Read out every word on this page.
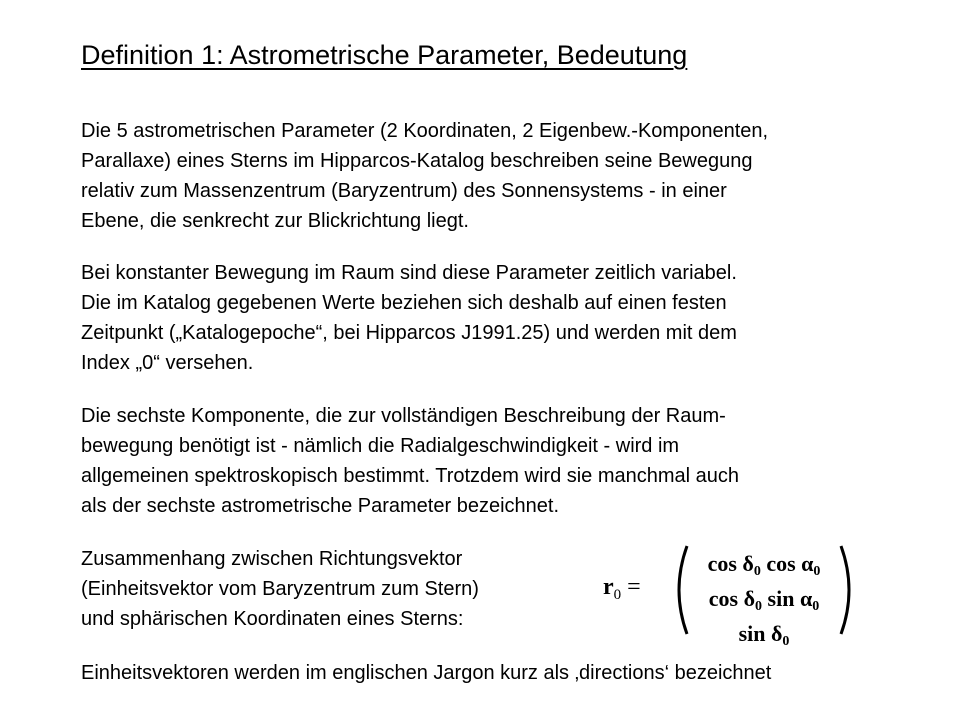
Definition 1: Astrometrische Parameter, Bedeutung
Die 5 astrometrischen Parameter (2 Koordinaten, 2 Eigenbew.-Komponenten,
Parallaxe) eines Sterns im Hipparcos-Katalog beschreiben seine Bewegung
relativ zum Massenzentrum (Baryzentrum) des Sonnensystems - in einer
Ebene, die senkrecht zur Blickrichtung liegt.
Bei konstanter Bewegung im Raum sind diese Parameter zeitlich variabel.
Die im Katalog gegebenen Werte beziehen sich deshalb auf einen festen
Zeitpunkt („Katalogepoche“, bei Hipparcos J1991.25) und werden mit dem
Index „0“ versehen.
Die sechste Komponente, die zur vollständigen Beschreibung der Raum-
bewegung benötigt ist - nämlich die Radialgeschwindigkeit - wird im
allgemeinen spektroskopisch bestimmt. Trotzdem wird sie manchmal auch
als der sechste astrometrische Parameter bezeichnet.
Zusammenhang zwischen Richtungsvektor
(Einheitsvektor vom Baryzentrum zum Stern)
und sphärischen Koordinaten eines Sterns:
$r_0$ =
$\cos \delta_0$ $\cos \alpha_0$
$\cos \delta_0$ $\sin \alpha_0$
$\sin \delta_0$
Einheitsvektoren werden im englischen Jargon kurz als ‚directions‘ bezeichnet
